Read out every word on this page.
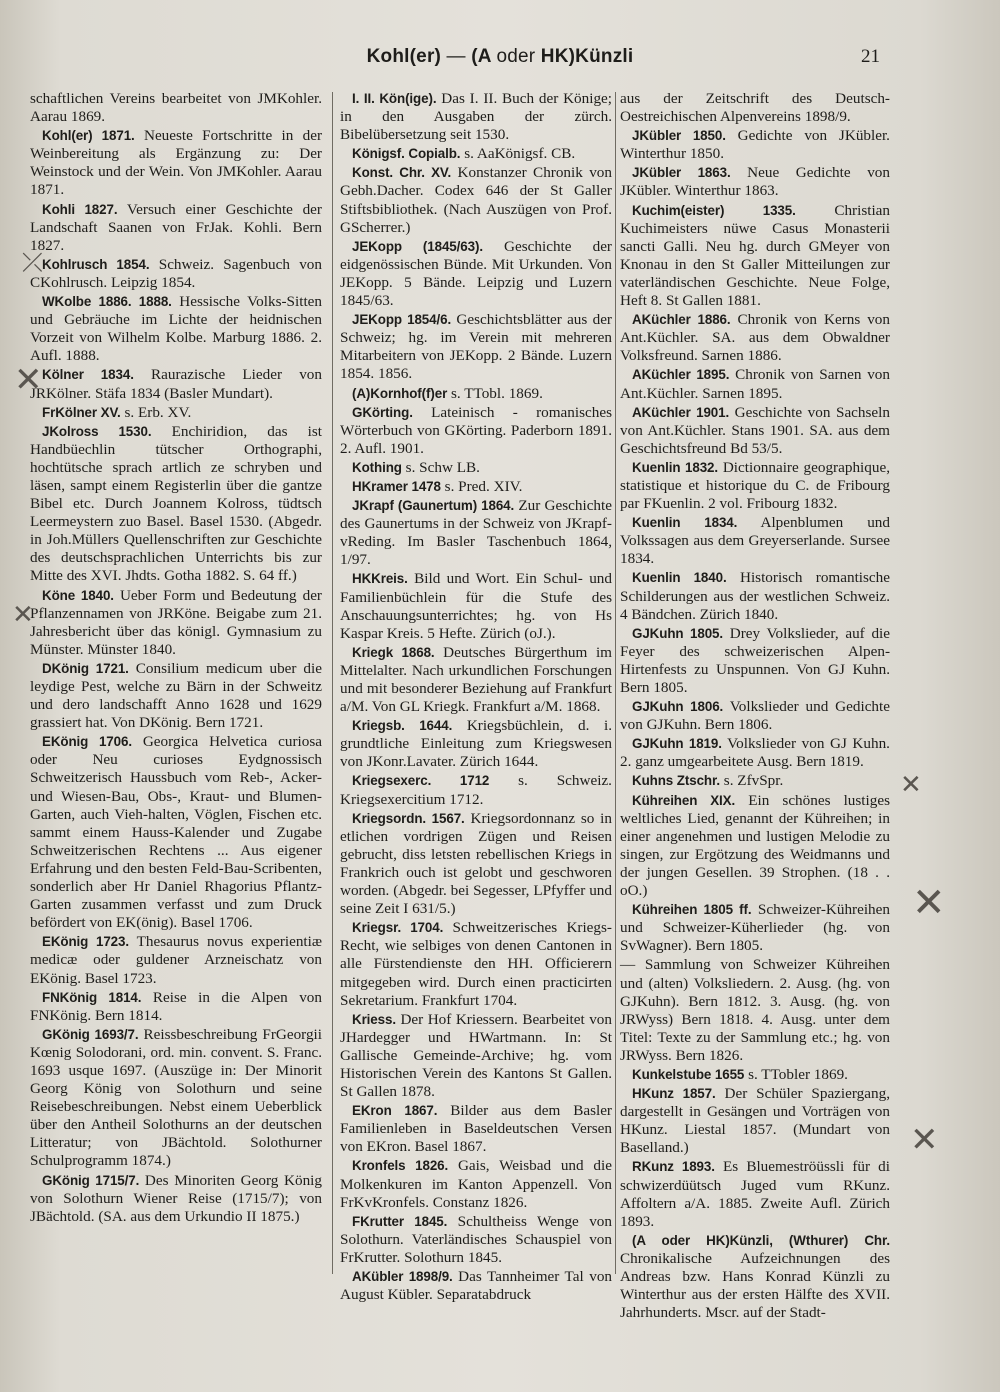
Kohl(er) — (A oder HK)Künzli	21
schaftlichen Vereins bearbeitet von JMKohler. Aarau 1869.
Kohl(er) 1871. Neueste Fortschritte in der Weinbereitung als Ergänzung zu: Der Weinstock und der Wein. Von JMKohler. Aarau 1871.
Kohli 1827. Versuch einer Geschichte der Landschaft Saanen von FrJak. Kohli. Bern 1827.
Kohlrusch 1854. Schweiz. Sagenbuch von CKohlrusch. Leipzig 1854.
WKolbe 1886. 1888. Hessische Volks-Sitten und Gebräuche im Lichte der heidnischen Vorzeit von Wilhelm Kolbe. Marburg 1886. 2. Aufl. 1888.
Kölner 1834. Raurazische Lieder von JRKölner. Stäfa 1834 (Basler Mundart).
FrKölner XV. s. Erb. XV.
JKolross 1530. Enchiridion, das ist Handbüechlin tütscher Orthographi, hochtütsche sprach artlich ze schryben und läsen, sampt einem Registerlin über die gantze Bibel etc. Durch Joannem Kolross, tüdtsch Leermeystern zuo Basel. Basel 1530. (Abgedr. in Joh.Müllers Quellenschriften zur Geschichte des deutschsprachlichen Unterrichts bis zur Mitte des XVI. Jhdts. Gotha 1882. S. 64 ff.)
Köne 1840. Ueber Form und Bedeutung der Pflanzennamen von JRKöne. Beigabe zum 21. Jahresbericht über das königl. Gymnasium zu Münster. Münster 1840.
DKönig 1721. Consilium medicum uber die leydige Pest, welche zu Bärn in der Schweitz und dero landschafft Anno 1628 und 1629 grassiert hat. Von DKönig. Bern 1721.
EKönig 1706. Georgica Helvetica curiosa oder Neu curioses Eydgnossisch Schweitzerisch Haussbuch vom Reb-, Acker- und Wiesen-Bau, Obs-, Kraut- und Blumen-Garten, auch Vieh-halten, Vöglen, Fischen etc. sammt einem Hauss-Kalender und Zugabe Schweitzerischen Rechtens ... Aus eigener Erfahrung und den besten Feld-Bau-Scribenten, sonderlich aber Hr Daniel Rhagorius Pflantz-Garten zusammen verfasst und zum Druck befördert von EK(önig). Basel 1706.
EKönig 1723. Thesaurus novus experientiæ medicæ oder guldener Arzneischatz von EKönig. Basel 1723.
FNKönig 1814. Reise in die Alpen von FNKönig. Bern 1814.
GKönig 1693/7. Reissbeschreibung FrGeorgii Kœnig Solodorani, ord. min. convent. S. Franc. 1693 usque 1697. (Auszüge in: Der Minorit Georg König von Solothurn und seine Reisebeschreibungen. Nebst einem Ueberblick über den Antheil Solothurns an der deutschen Litteratur; von JBächtold. Solothurner Schulprogramm 1874.)
GKönig 1715/7. Des Minoriten Georg König von Solothurn Wiener Reise (1715/7); von JBächtold. (SA. aus dem Urkundio II 1875.)
I. II. Kön(ige). Das I. II. Buch der Könige; in den Ausgaben der zürch. Bibelübersetzung seit 1530.
Königsf. Copialb. s. AaKönigsf. CB.
Konst. Chr. XV. Konstanzer Chronik von Gebh.Dacher. Codex 646 der St Galler Stiftsbibliothek. (Nach Auszügen von Prof. GScherrer.)
JEKopp (1845/63). Geschichte der eidgenössischen Bünde. Mit Urkunden. Von JEKopp. 5 Bände. Leipzig und Luzern 1845/63.
JEKopp 1854/6. Geschichtsblätter aus der Schweiz; hg. im Verein mit mehreren Mitarbeitern von JEKopp. 2 Bände. Luzern 1854. 1856.
(A)Kornhof(f)er s. TTobl. 1869.
GKörting. Lateinisch - romanisches Wörterbuch von GKörting. Paderborn 1891. 2. Aufl. 1901.
Kothing s. Schw LB.
HKramer 1478 s. Pred. XIV.
JKrapf (Gaunertum) 1864. Zur Geschichte des Gaunertums in der Schweiz von JKrapf-vReding. Im Basler Taschenbuch 1864, 1/97.
HKKreis. Bild und Wort. Ein Schul- und Familienbüchlein für die Stufe des Anschauungsunterrichtes; hg. von Hs Kaspar Kreis. 5 Hefte. Zürich (oJ.).
Kriegk 1868. Deutsches Bürgerthum im Mittelalter. Nach urkundlichen Forschungen und mit besonderer Beziehung auf Frankfurt a/M. Von GL Kriegk. Frankfurt a/M. 1868.
Kriegsb. 1644. Kriegsbüchlein, d. i. grundtliche Einleitung zum Kriegswesen von JKonr.Lavater. Zürich 1644.
Kriegsexerc. 1712 s. Schweiz. Kriegsexercitium 1712.
Kriegsordn. 1567. Kriegsordonnanz so in etlichen vordrigen Zügen und Reisen gebrucht, diss letsten rebellischen Kriegs in Frankrich ouch ist gelobt und geschworen worden. (Abgedr. bei Segesser, LPfyffer und seine Zeit I 631/5.)
Kriegsr. 1704. Schweitzerisches Kriegs-Recht, wie selbiges von denen Cantonen in alle Fürstendienste den HH. Officierern mitgegeben wird. Durch einen practicirten Sekretarium. Frankfurt 1704.
Kriess. Der Hof Kriessern. Bearbeitet von JHardegger und HWartmann. In: St Gallische Gemeinde-Archive; hg. vom Historischen Verein des Kantons St Gallen. St Gallen 1878.
EKron 1867. Bilder aus dem Basler Familienleben in Baseldeutschen Versen von EKron. Basel 1867.
Kronfels 1826. Gais, Weisbad und die Molkenkuren im Kanton Appenzell. Von FrKvKronfels. Constanz 1826.
FKrutter 1845. Schultheiss Wenge von Solothurn. Vaterländisches Schauspiel von FrKrutter. Solothurn 1845.
AKübler 1898/9. Das Tannheimer Tal von August Kübler. Separatabdruck
aus der Zeitschrift des Deutsch-Oestreichischen Alpenvereins 1898/9.
JKübler 1850. Gedichte von JKübler. Winterthur 1850.
JKübler 1863. Neue Gedichte von JKübler. Winterthur 1863.
Kuchim(eister) 1335. Christian Kuchimeisters nüwe Casus Monasterii sancti Galli. Neu hg. durch GMeyer von Knonau in den St Galler Mitteilungen zur vaterländischen Geschichte. Neue Folge, Heft 8. St Gallen 1881.
AKüchler 1886. Chronik von Kerns von Ant.Küchler. SA. aus dem Obwaldner Volksfreund. Sarnen 1886.
AKüchler 1895. Chronik von Sarnen von Ant.Küchler. Sarnen 1895.
AKüchler 1901. Geschichte von Sachseln von Ant.Küchler. Stans 1901. SA. aus dem Geschichtsfreund Bd 53/5.
Kuenlin 1832. Dictionnaire geographique, statistique et historique du C. de Fribourg par FKuenlin. 2 vol. Fribourg 1832.
Kuenlin 1834. Alpenblumen und Volkssagen aus dem Greyerserlande. Sursee 1834.
Kuenlin 1840. Historisch romantische Schilderungen aus der westlichen Schweiz. 4 Bändchen. Zürich 1840.
GJKuhn 1805. Drey Volkslieder, auf die Feyer des schweizerischen Alpen-Hirtenfests zu Unspunnen. Von GJ Kuhn. Bern 1805.
GJKuhn 1806. Volkslieder und Gedichte von GJKuhn. Bern 1806.
GJKuhn 1819. Volkslieder von GJ Kuhn. 2. ganz umgearbeitete Ausg. Bern 1819.
Kuhns Ztschr. s. ZfvSpr.
Kühreihen XIX. Ein schönes lustiges weltliches Lied, genannt der Kühreihen; in einer angenehmen und lustigen Melodie zu singen, zur Ergötzung des Weidmanns und der jungen Gesellen. 39 Strophen. (18 . . oO.)
Kühreihen 1805 ff. Schweizer-Kühreihen und Schweizer-Küherlieder (hg. von SvWagner). Bern 1805.
— Sammlung von Schweizer Kühreihen und (alten) Volksliedern. 2. Ausg. (hg. von GJKuhn). Bern 1812. 3. Ausg. (hg. von JRWyss) Bern 1818. 4. Ausg. unter dem Titel: Texte zu der Sammlung etc.; hg. von JRWyss. Bern 1826.
Kunkelstube 1655 s. TTobler 1869.
HKunz 1857. Der Schüler Spaziergang, dargestellt in Gesängen und Vorträgen von HKunz. Liestal 1857. (Mundart von Baselland.)
RKunz 1893. Es Bluemeströüssli für di schwizerdüütsch Juged vum RKunz. Affoltern a/A. 1885. Zweite Aufl. Zürich 1893.
(A oder HK)Künzli, (Wthurer) Chr. Chronikalische Aufzeichnungen des Andreas bzw. Hans Konrad Künzli zu Winterthur aus der ersten Hälfte des XVII. Jahrhunderts. Mscr. auf der Stadt-
⤫
✕
✕
✕
✕
✕
